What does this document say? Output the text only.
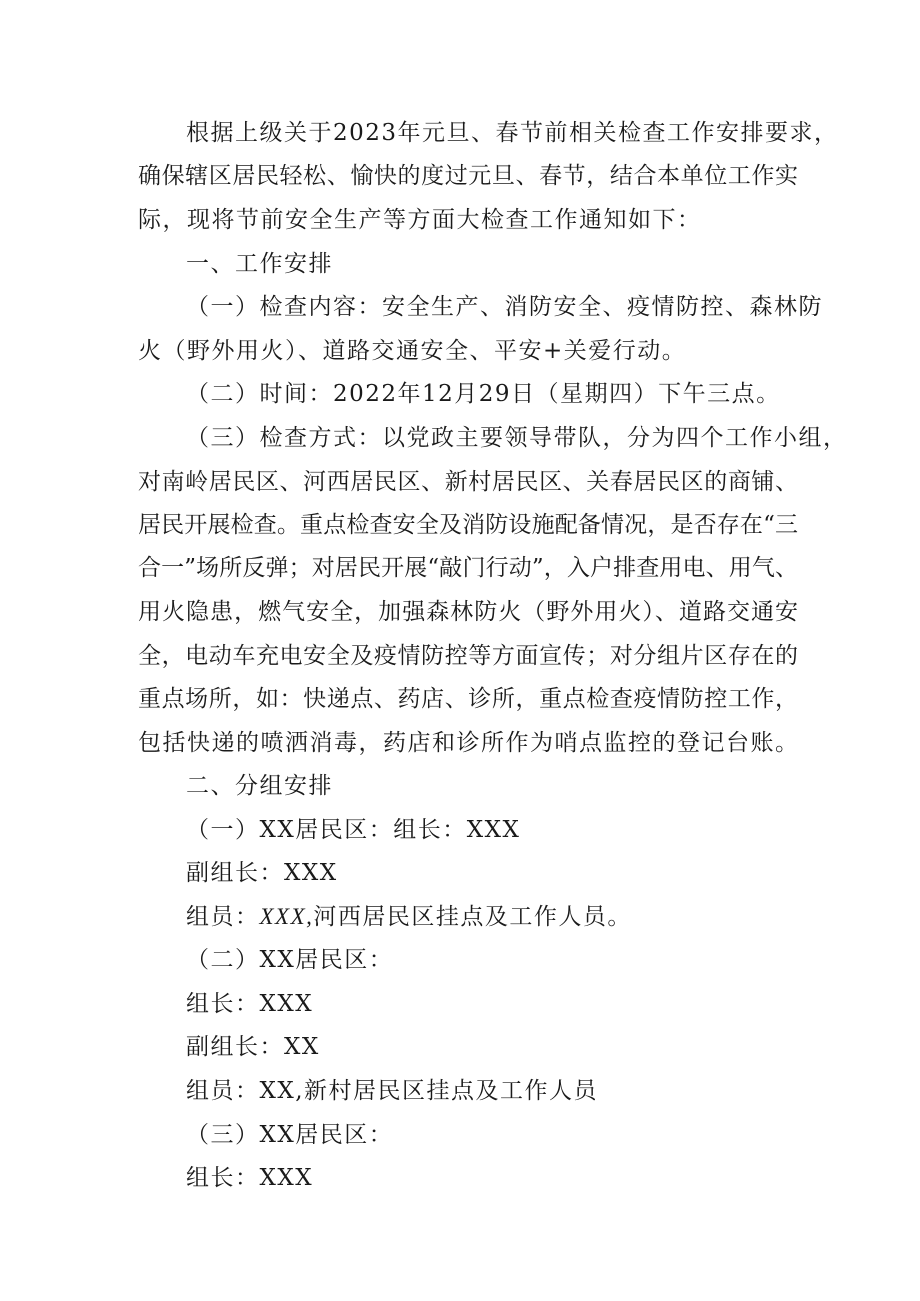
根据上级关于2023年元旦、春节前相关检查工作安排要求，
确保辖区居民轻松、愉快的度过元旦、春节，结合本单位工作实
际，现将节前安全生产等方面大检查工作通知如下：
一、工作安排
（一）检查内容：安全生产、消防安全、疫情防控、森林防
火（野外用火）、道路交通安全、平安+关爱行动。
（二）时间：2022年12月29日（星期四）下午三点。
（三）检查方式：以党政主要领导带队，分为四个工作小组，
对南岭居民区、河西居民区、新村居民区、关春居民区的商铺、
居民开展检查。重点检查安全及消防设施配备情况，是否存在“三
合一”场所反弹；对居民开展“敲门行动”，入户排查用电、用气、
用火隐患，燃气安全，加强森林防火（野外用火）、道路交通安
全，电动车充电安全及疫情防控等方面宣传；对分组片区存在的
重点场所，如：快递点、药店、诊所，重点检查疫情防控工作，
包括快递的喷洒消毒，药店和诊所作为哨点监控的登记台账。
二、分组安排
（一）XX居民区：组长：XXX
副组长：XXX
组员：XXX,河西居民区挂点及工作人员。
（二）XX居民区：
组长：XXX
副组长：XX
组员：XX,新村居民区挂点及工作人员
（三）XX居民区：
组长：XXX
